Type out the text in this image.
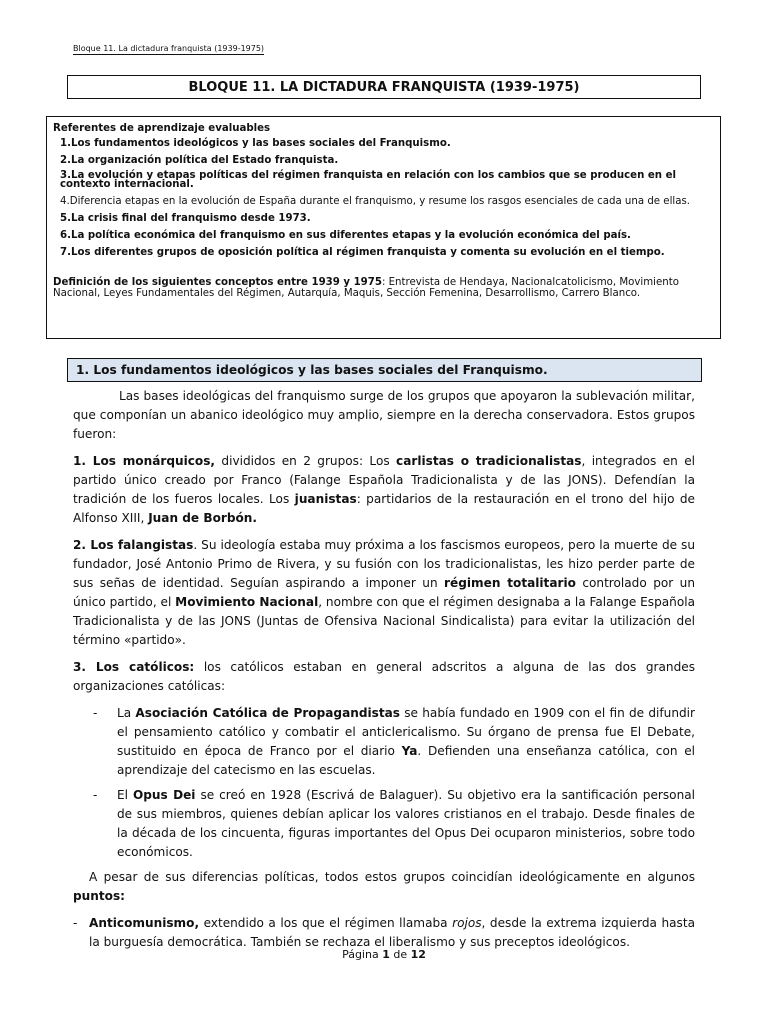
Bloque 11. La dictadura franquista (1939-1975)
BLOQUE 11. LA DICTADURA FRANQUISTA (1939-1975)
Referentes de aprendizaje evaluables
1.Los fundamentos ideológicos y las bases sociales del Franquismo.
2.La organización política del Estado franquista.
3.La evolución y etapas políticas del régimen franquista en relación con los cambios que se producen en el contexto internacional.
4.Diferencia etapas en la evolución de España durante el franquismo, y resume los rasgos esenciales de cada una de ellas.
5.La crisis final del franquismo desde 1973.
6.La política económica del franquismo en sus diferentes etapas y la evolución económica del país.
7.Los diferentes grupos de oposición política al régimen franquista y comenta su evolución en el tiempo.
Definición de los siguientes conceptos entre 1939 y 1975: Entrevista de Hendaya, Nacionalcatolicismo, Movimiento Nacional, Leyes Fundamentales del Régimen, Autarquía, Maquis, Sección Femenina, Desarrollismo, Carrero Blanco.
1. Los fundamentos ideológicos y las bases sociales del Franquismo.

Las bases ideológicas del franquismo surge de los grupos que apoyaron la sublevación militar, que componían un abanico ideológico muy amplio, siempre en la derecha conservadora. Estos grupos fueron:

1. Los monárquicos, divididos en 2 grupos: Los carlistas o tradicionalistas, integrados en el partido único creado por Franco (Falange Española Tradicionalista y de las JONS). Defendían la tradición de los fueros locales. Los juanistas: partidarios de la restauración en el trono del hijo de Alfonso XIII, Juan de Borbón.

2. Los falangistas. Su ideología estaba muy próxima a los fascismos europeos, pero la muerte de su fundador, José Antonio Primo de Rivera, y su fusión con los tradicionalistas, les hizo perder parte de sus señas de identidad. Seguían aspirando a imponer un régimen totalitario controlado por un único partido, el Movimiento Nacional, nombre con que el régimen designaba a la Falange Española Tradicionalista y de las JONS (Juntas de Ofensiva Nacional Sindicalista) para evitar la utilización del término «partido».

3. Los católicos: los católicos estaban en general adscritos a alguna de las dos grandes organizaciones católicas:

-	La Asociación Católica de Propagandistas se había fundado en 1909 con el fin de difundir el pensamiento católico y combatir el anticlericalismo. Su órgano de prensa fue El Debate, sustituido en época de Franco por el diario Ya. Defienden una enseñanza católica, con el aprendizaje del catecismo en las escuelas.
-	El Opus Dei se creó en 1928 (Escrivá de Balaguer). Su objetivo era la santificación personal de sus miembros, quienes debían aplicar los valores cristianos en el trabajo. Desde finales de la década de los cincuenta, figuras importantes del Opus Dei ocuparon ministerios, sobre todo económicos.

A pesar de sus diferencias políticas, todos estos grupos coincidían ideológicamente en algunos puntos:

- Anticomunismo, extendido a los que el régimen llamaba rojos, desde la extrema izquierda hasta la burguesía democrática. También se rechaza el liberalismo y sus preceptos ideológicos.
Página 1 de 12
